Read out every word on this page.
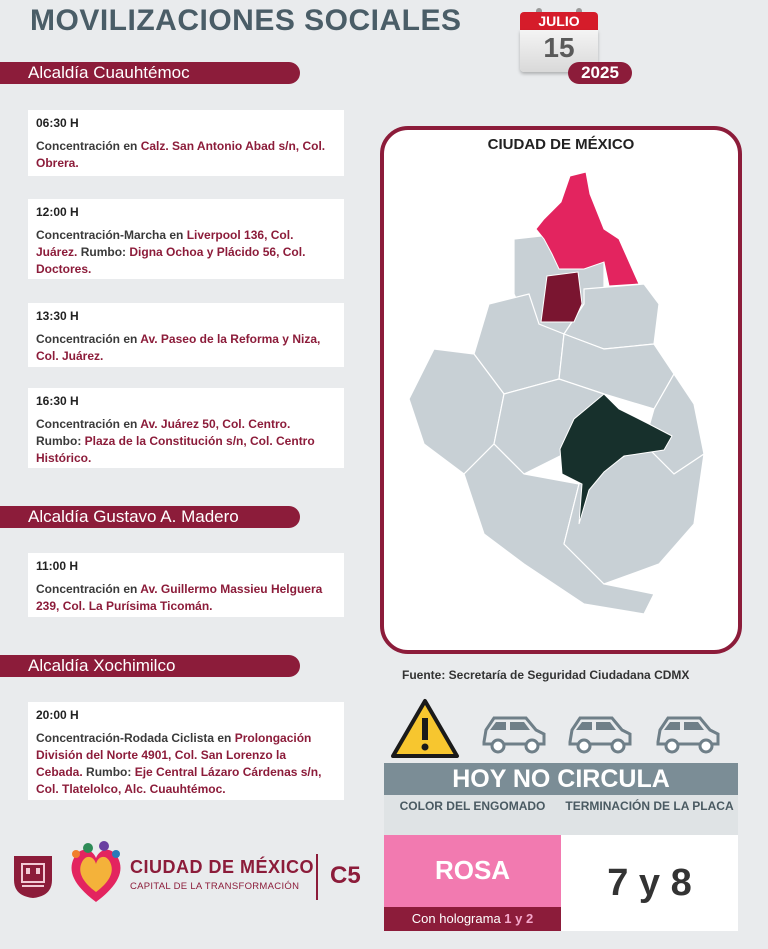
MOVILIZACIONES SOCIALES	JULIO
15
2025
Alcaldía Cuauhtémoc
Alcaldía Gustavo A. Madero
Alcaldía Xochimilco
06:30 H
Concentración en Calz. San Antonio Abad s/n, Col. Obrera.
12:00 H
Concentración-Marcha en Liverpool 136, Col. Juárez. Rumbo: Digna Ochoa y Plácido 56, Col. Doctores.
13:30 H
Concentración en Av. Paseo de la Reforma y Niza, Col. Juárez.
16:30 H
Concentración en Av. Juárez 50, Col. Centro. Rumbo: Plaza de la Constitución s/n, Col. Centro Histórico.
11:00 H
Concentración en Av. Guillermo Massieu Helguera 239, Col. La Purísima Ticomán.
20:00 H
Concentración-Rodada Ciclista en Prolongación División del Norte 4901, Col. San Lorenzo la Cebada. Rumbo: Eje Central Lázaro Cárdenas s/n, Col. Tlatelolco, Alc. Cuauhtémoc.
CIUDAD DE MÉXICO
Fuente: Secretaría de Seguridad Ciudadana CDMX
HOY NO CIRCULA
COLOR DEL ENGOMADO	TERMINACIÓN DE LA PLACA
ROSA
Con holograma 1 y 2
7 y 8
CIUDAD DE MÉXICO
CAPITAL DE LA TRANSFORMACIÓN C5
